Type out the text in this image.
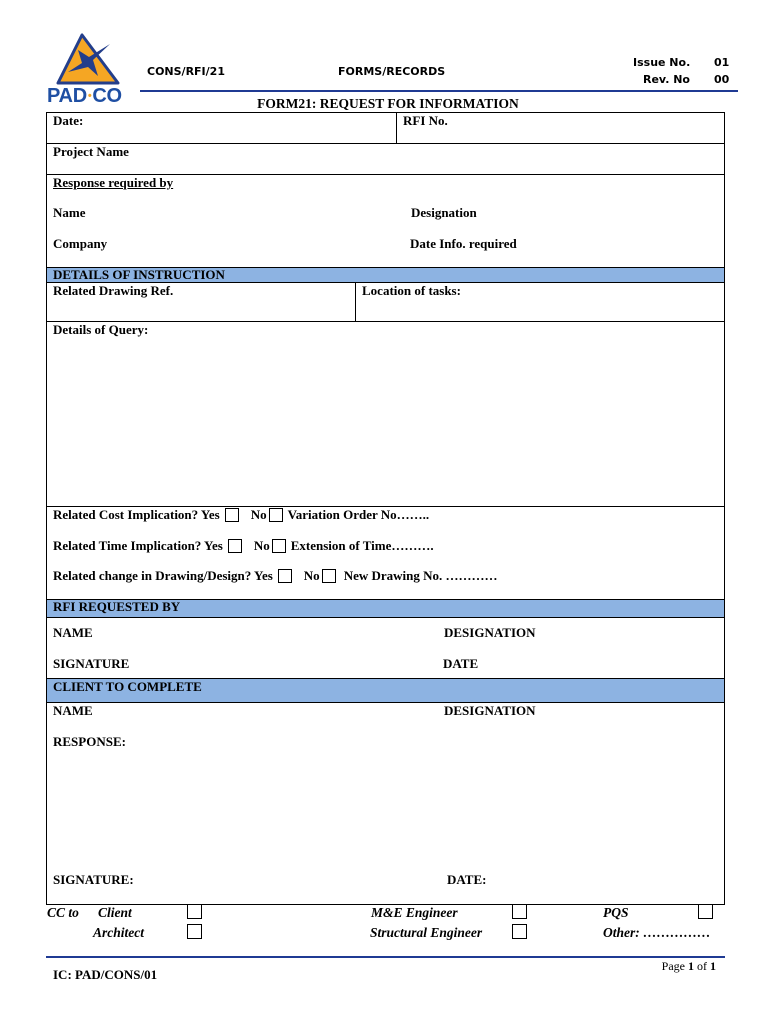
PAD • CO
CONS/RFI/21	FORMS/RECORDS
Issue No. 01
Rev. No 00
FORM21: REQUEST FOR INFORMATION
Date:	RFI No.
Project Name
Response required by
Name	Designation
Company	Date Info. required
DETAILS OF INSTRUCTION
Related Drawing Ref.	Location of tasks:
Details of Query:
Related Cost Implication? Yes No Variation Order No……..
Related Time Implication? Yes No Extension of Time……….
Related change in Drawing/Design? Yes No New Drawing No. …………
RFI REQUESTED BY
NAME	DESIGNATION
SIGNATURE	DATE
CLIENT TO COMPLETE
NAME	DESIGNATION
RESPONSE:
SIGNATURE:	DATE:
CC to Client	M&E Engineer	PQS
Architect	Structural Engineer	Other: ……………
Page 1 of 1
IC: PAD/CONS/01
